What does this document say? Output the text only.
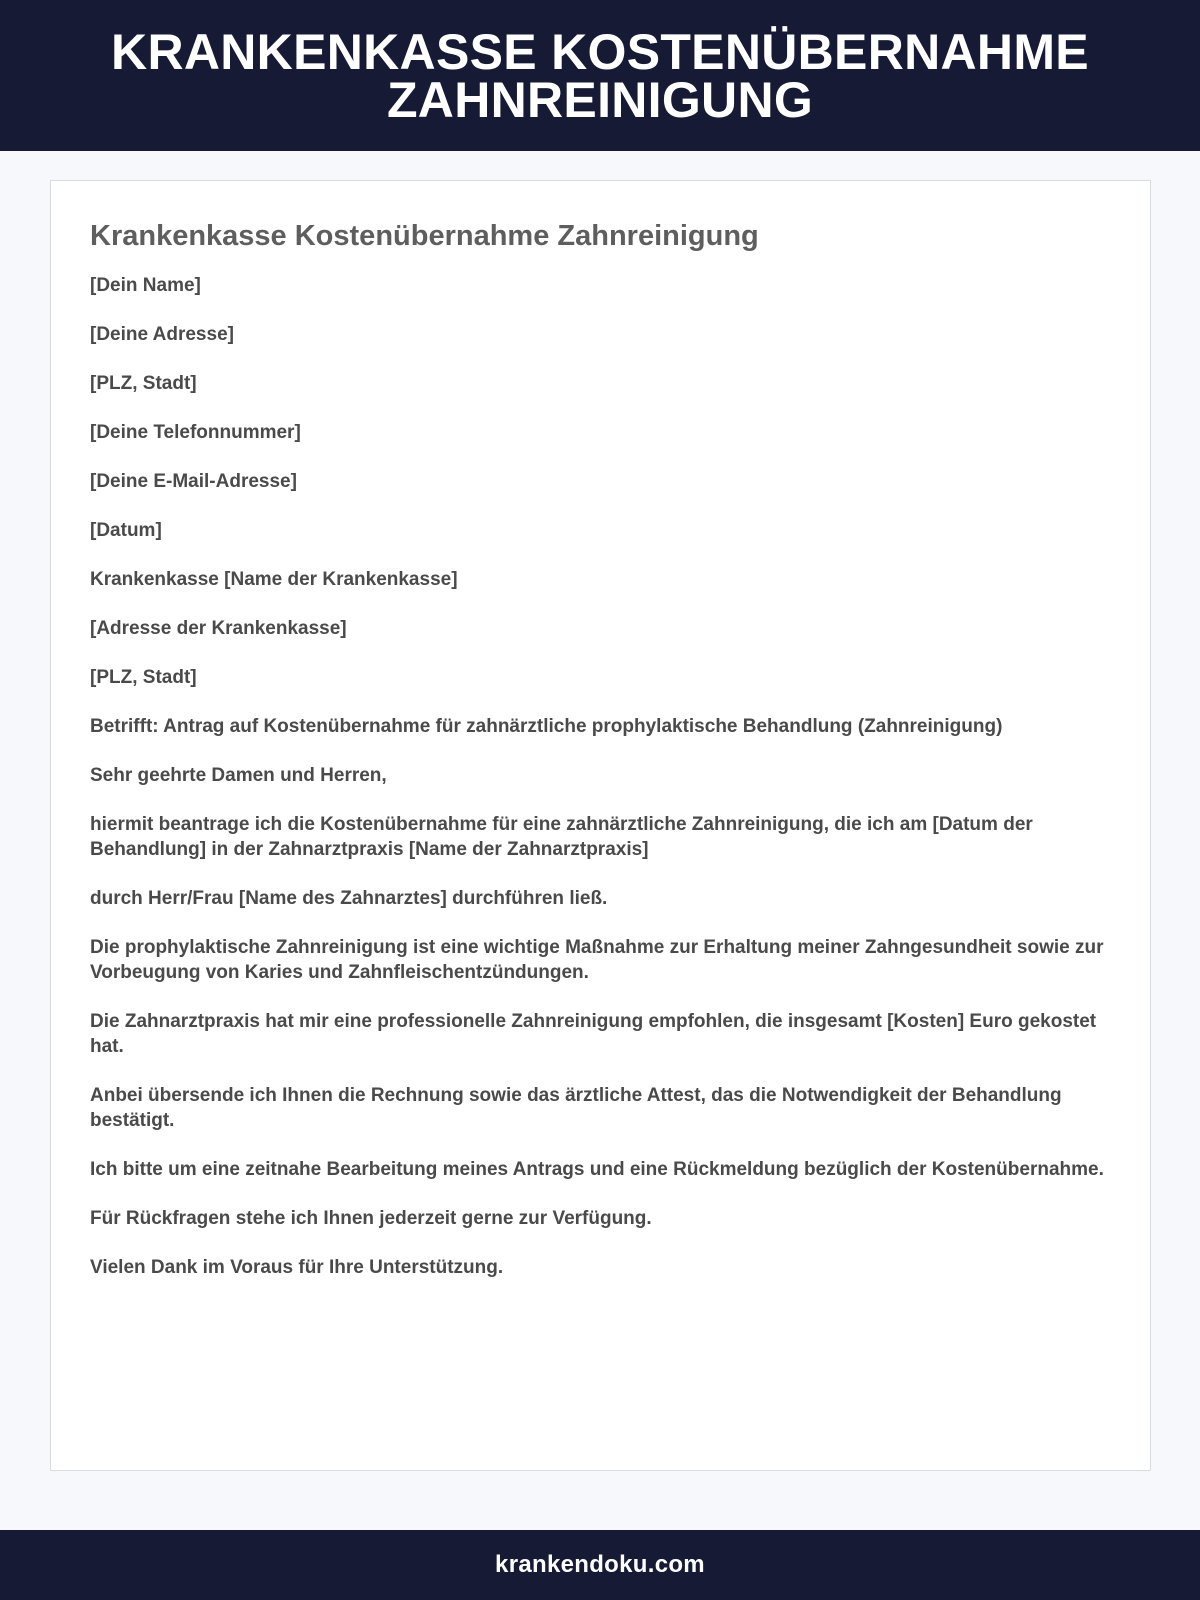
KRANKENKASSE KOSTENÜBERNAHME ZAHNREINIGUNG
Krankenkasse Kostenübernahme Zahnreinigung

[Dein Name]

[Deine Adresse]

[PLZ, Stadt]

[Deine Telefonnummer]

[Deine E-Mail-Adresse]

[Datum]

Krankenkasse [Name der Krankenkasse]

[Adresse der Krankenkasse]

[PLZ, Stadt]

Betrifft: Antrag auf Kostenübernahme für zahnärztliche prophylaktische Behandlung (Zahnreinigung)

Sehr geehrte Damen und Herren,

hiermit beantrage ich die Kostenübernahme für eine zahnärztliche Zahnreinigung, die ich am [Datum der Behandlung] in der Zahnarztpraxis [Name der Zahnarztpraxis]

durch Herr/Frau [Name des Zahnarztes] durchführen ließ.

Die prophylaktische Zahnreinigung ist eine wichtige Maßnahme zur Erhaltung meiner Zahngesundheit sowie zur Vorbeugung von Karies und Zahnfleischentzündungen.

Die Zahnarztpraxis hat mir eine professionelle Zahnreinigung empfohlen, die insgesamt [Kosten] Euro gekostet hat.

Anbei übersende ich Ihnen die Rechnung sowie das ärztliche Attest, das die Notwendigkeit der Behandlung bestätigt.

Ich bitte um eine zeitnahe Bearbeitung meines Antrags und eine Rückmeldung bezüglich der Kostenübernahme.

Für Rückfragen stehe ich Ihnen jederzeit gerne zur Verfügung.

Vielen Dank im Voraus für Ihre Unterstützung.

krankendoku.com
